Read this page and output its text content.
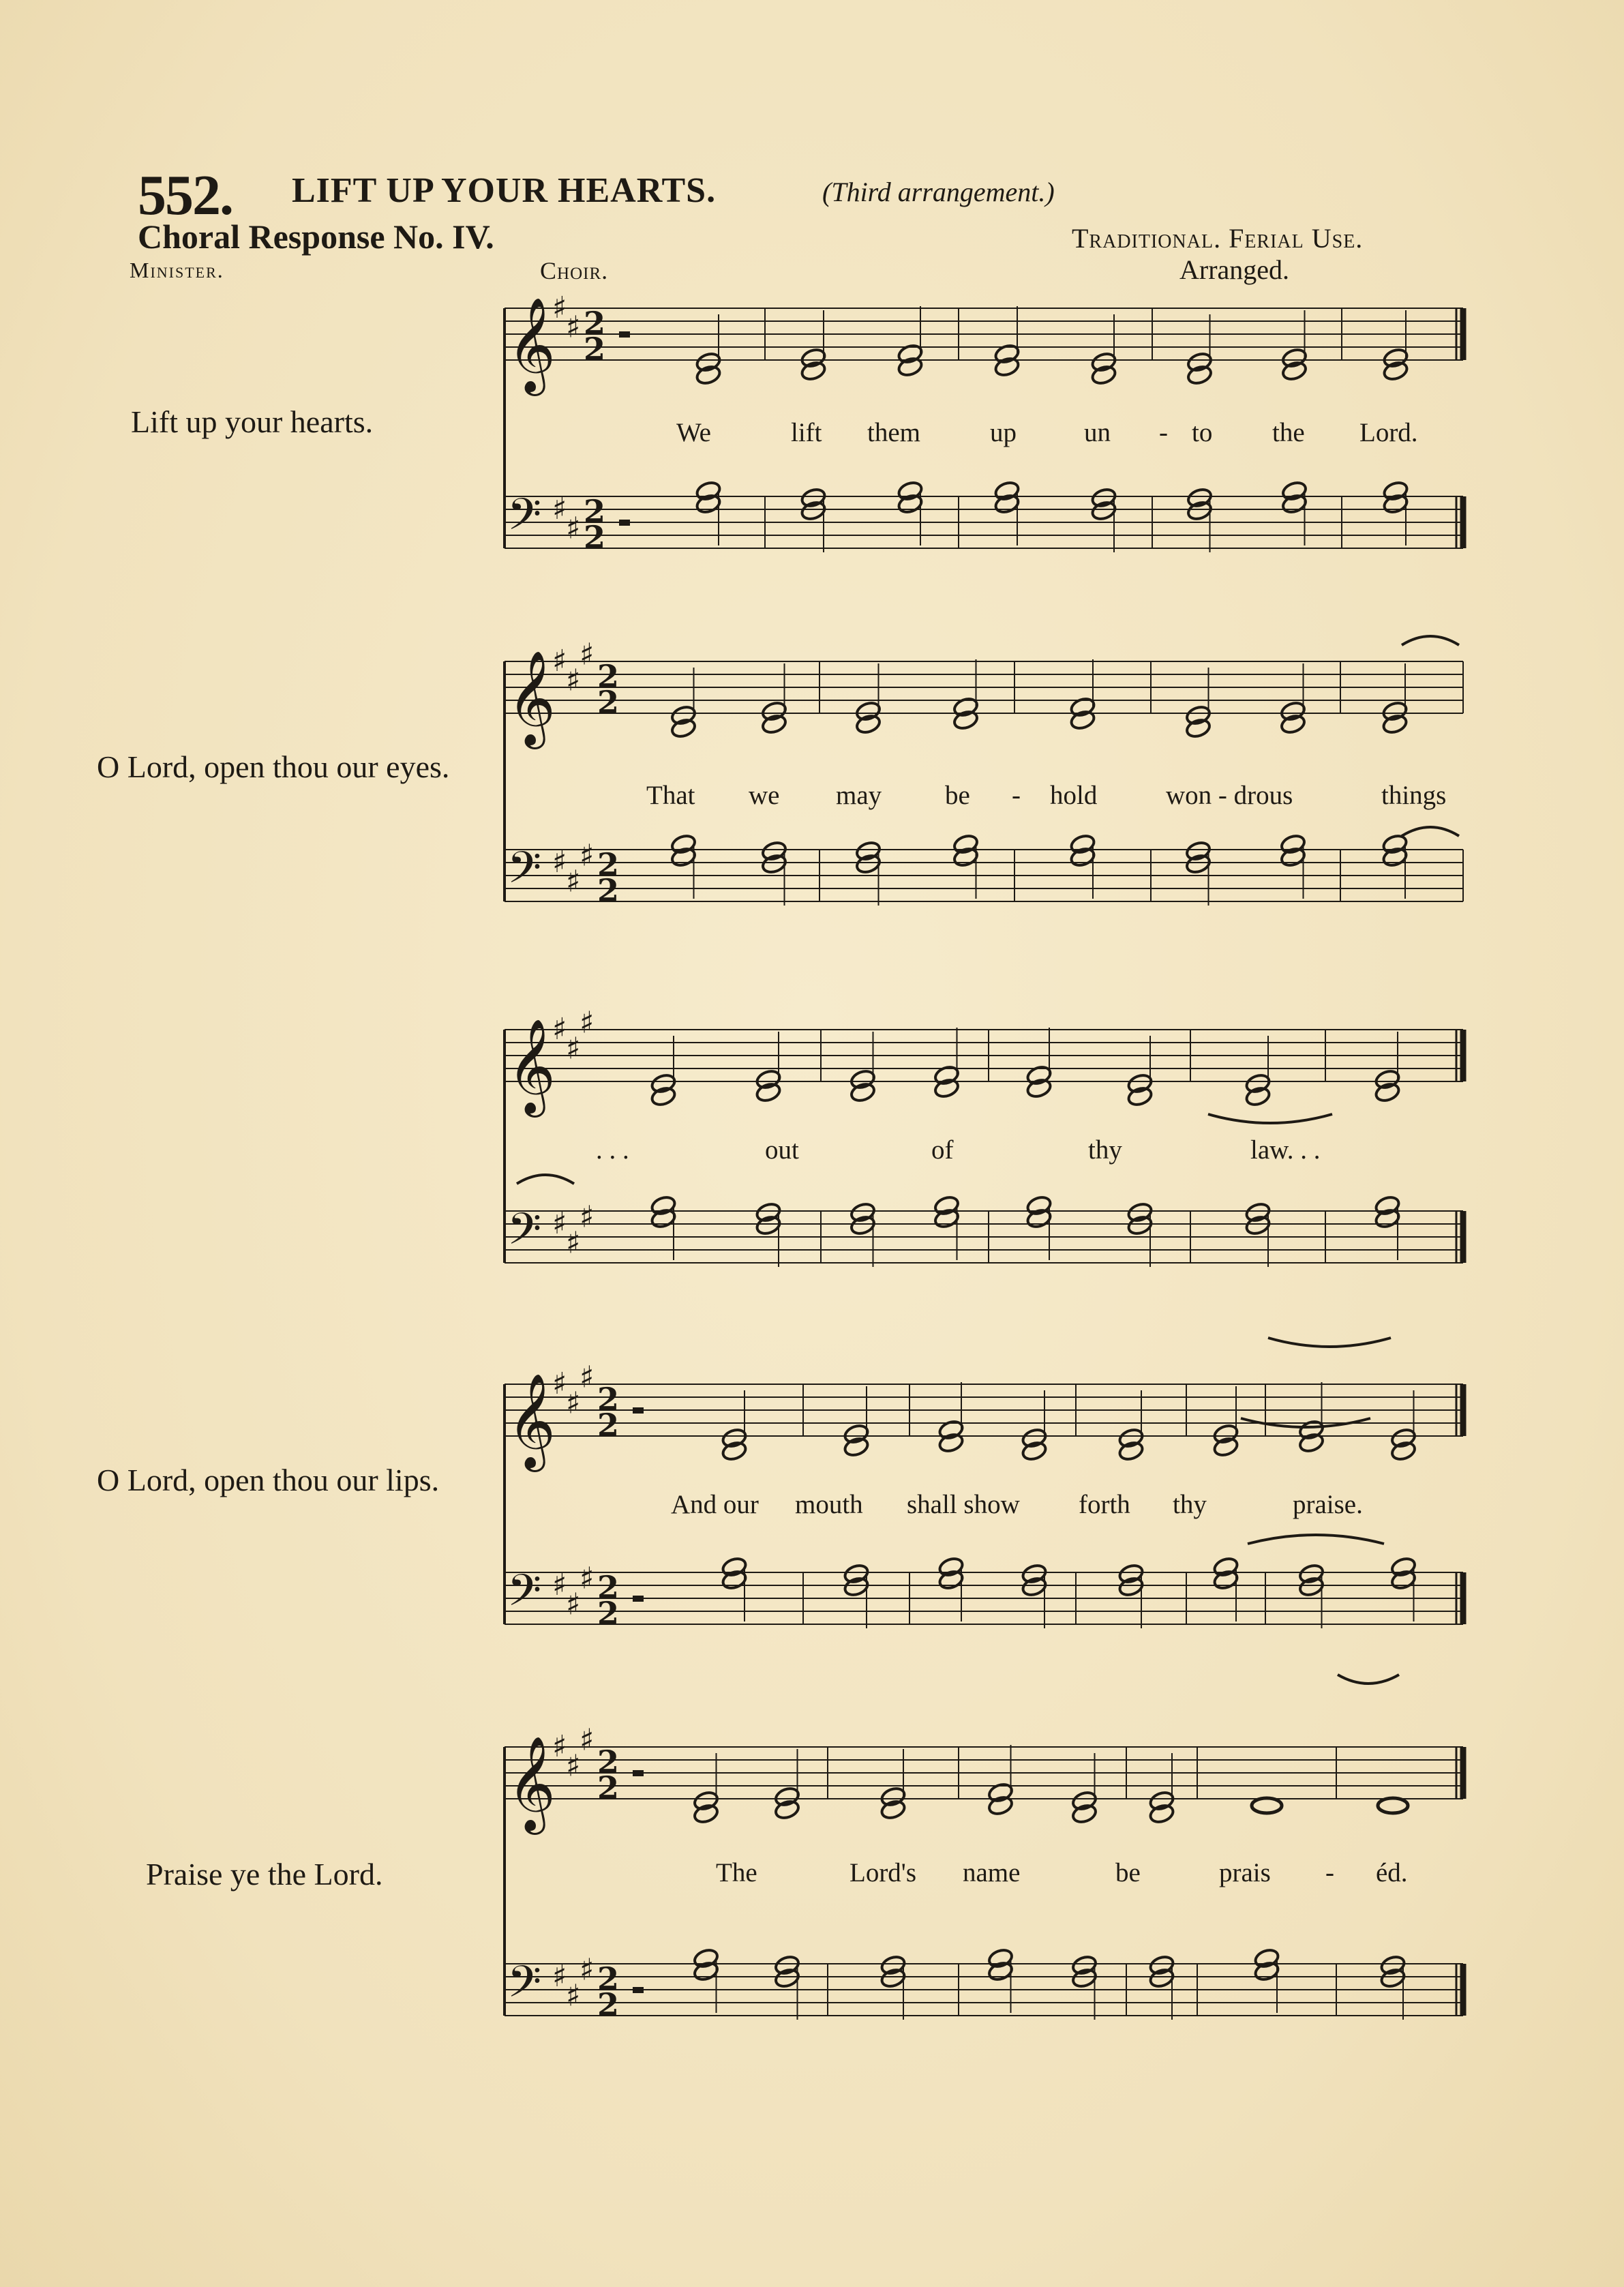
552. LIFT UP YOUR HEARTS.	(Third arrangement.)
Choral Response No. IV.	Traditional. Ferial Use.
Arranged.
Minister.	Choir.
Lift up your hearts.
O Lord, open thou our eyes.
O Lord, open thou our lips.
Praise ye the Lord.
We	lift them	up	un - to the Lord.
That we may be - hold	won - drous	things
. . .	out	of	thy	law. . .
And our mouth shall show forth thy	praise.
The	Lord's name	be	prais - éd.
𝄞
♯
♯
𝄢 ♯
♯
2
2
2
2
𝄞
♯
♯
♯
𝄢 ♯
♯
♯
2
2
2
2
𝄞
♯
♯
♯
𝄢 ♯
♯
♯
𝄞
♯
♯
♯
𝄢 ♯
♯
♯
2
2
2
2
𝄞
♯
♯
♯
𝄢 ♯
♯
♯
2
2
2
2
